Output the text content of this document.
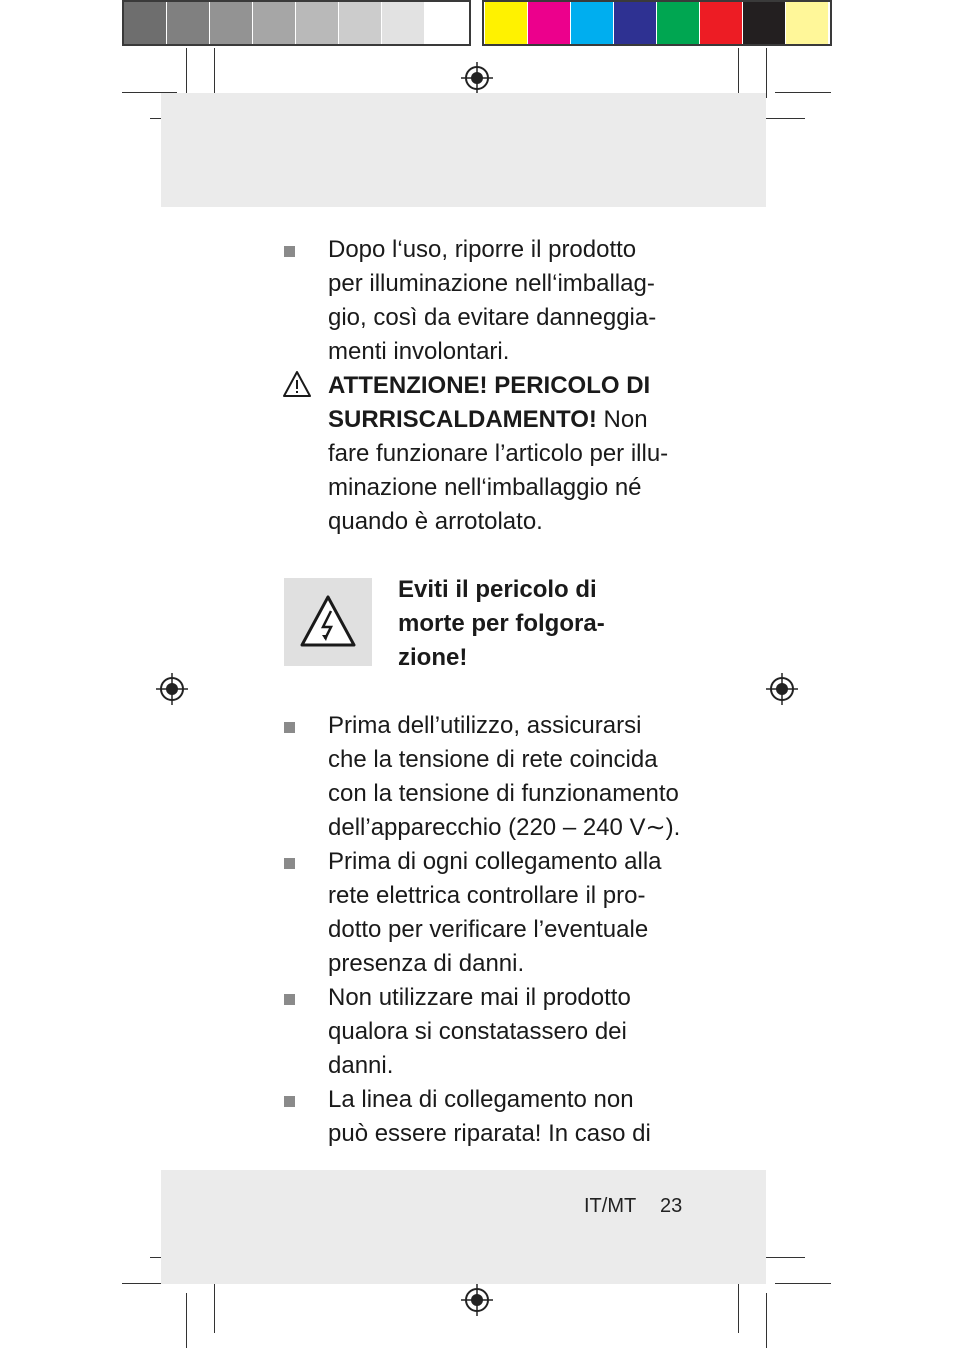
Dopo l‘uso, riporre il prodotto
per illuminazione nell‘imballag-
gio, così da evitare danneggia-
menti involontari.
ATTENZIONE! PERICOLO DI
SURRISCALDAMENTO! Non
fare funzionare l’articolo per illu-
minazione nell‘imballaggio né
quando è arrotolato.
Eviti il pericolo di
morte per folgora-
zione!
Prima dell’utilizzo, assicurarsi
che la tensione di rete coincida
con la tensione di funzionamento
dell’apparecchio (220 – 240 V∼).
Prima di ogni collegamento alla
rete elettrica controllare il pro-
dotto per verificare l’eventuale
presenza di danni.
Non utilizzare mai il prodotto
qualora si constatassero dei
danni.
La linea di collegamento non
può essere riparata! In caso di
IT/MT 23
